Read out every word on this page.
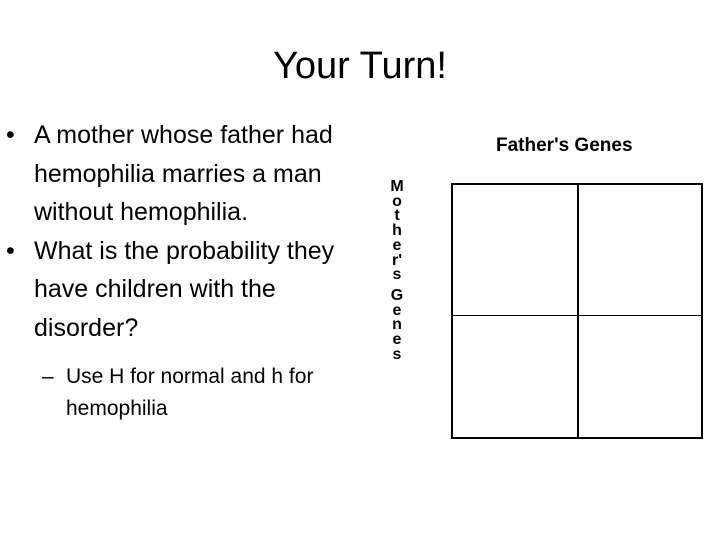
Your Turn!
• A mother whose father had hemophilia marries a man without hemophilia.
• What is the probability they have children with the disorder?
– Use H for normal and h for hemophilia
Father's Genes
M
o
t
h
e
r'
s
G
e
n
e
s
